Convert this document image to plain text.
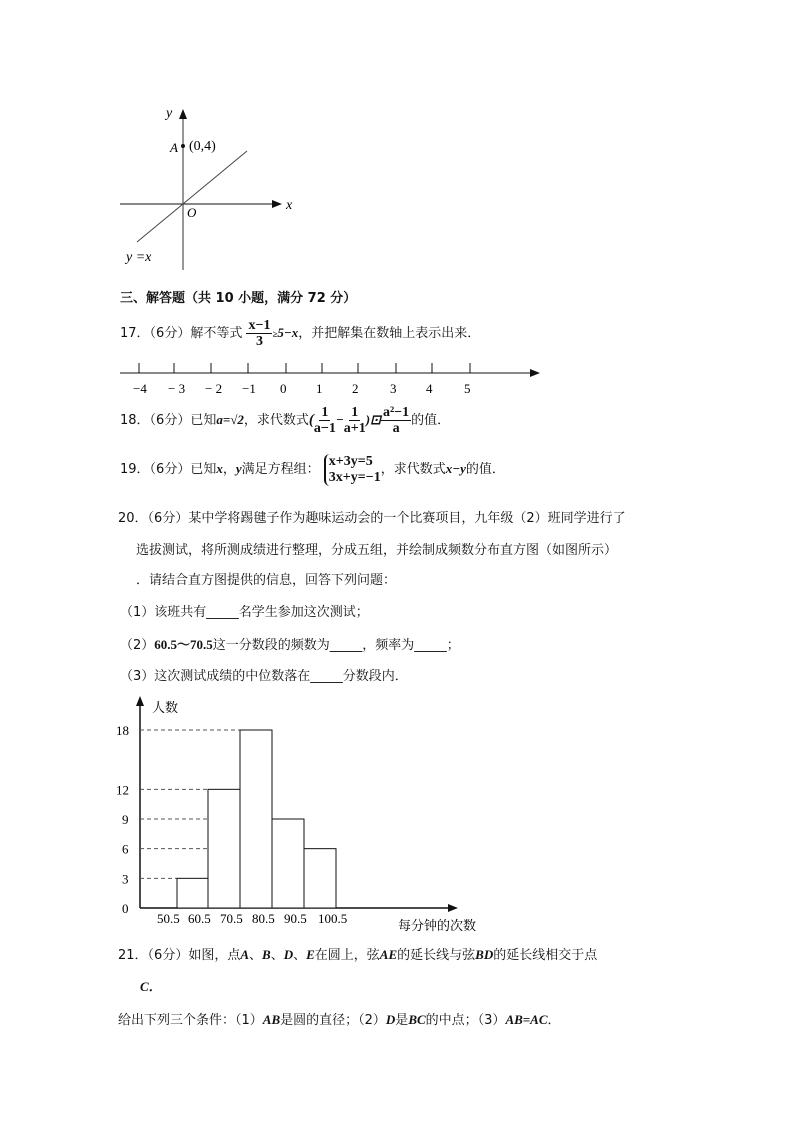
y
x
A (0,4)
O
y =x
三、解答题（共 10 小题，满分 72 分）
17．（6分）解不等式 $\frac{x-1}{3} \ge 5-x$，并把解集在数轴上表示出来．
−4 − 3 − 2 −1 0 1 2 3 4 5
18．（6分）已知a=√2，求代数式( $\frac{1}{a-1} - \frac{1}{a+1}$ )⊡ $\frac{\text{a²−1}}{a}$ 的值．
19．（6分）已知x，y满足方程组：
x+3y=5
3x+y=−1 ，求代数式x−y的值．
20．（6分）某中学将踢毽子作为趣味运动会的一个比赛项目，九年级（2）班同学进行了
选拔测试，将所测成绩进行整理，分成五组，并绘制成频数分布直方图（如图所示）
．请结合直方图提供的信息，回答下列问题：
（1）该班共有_____名学生参加这次测试；
（2）60.5～70.5这一分数段的频数为_____，频率为_____；
（3）这次测试成绩的中位数落在_____分数段内．
人数
每分钟的次数
0
3
6
9
12
18
50.5 60.5 70.5 80.5 90.5 100.5
21．（6分）如图，点A、B、D、E在圆上，弦AE的延长线与弦BD的延长线相交于点
C．
给出下列三个条件：（1）AB是圆的直径；（2）D是BC的中点；（3）AB=AC．
